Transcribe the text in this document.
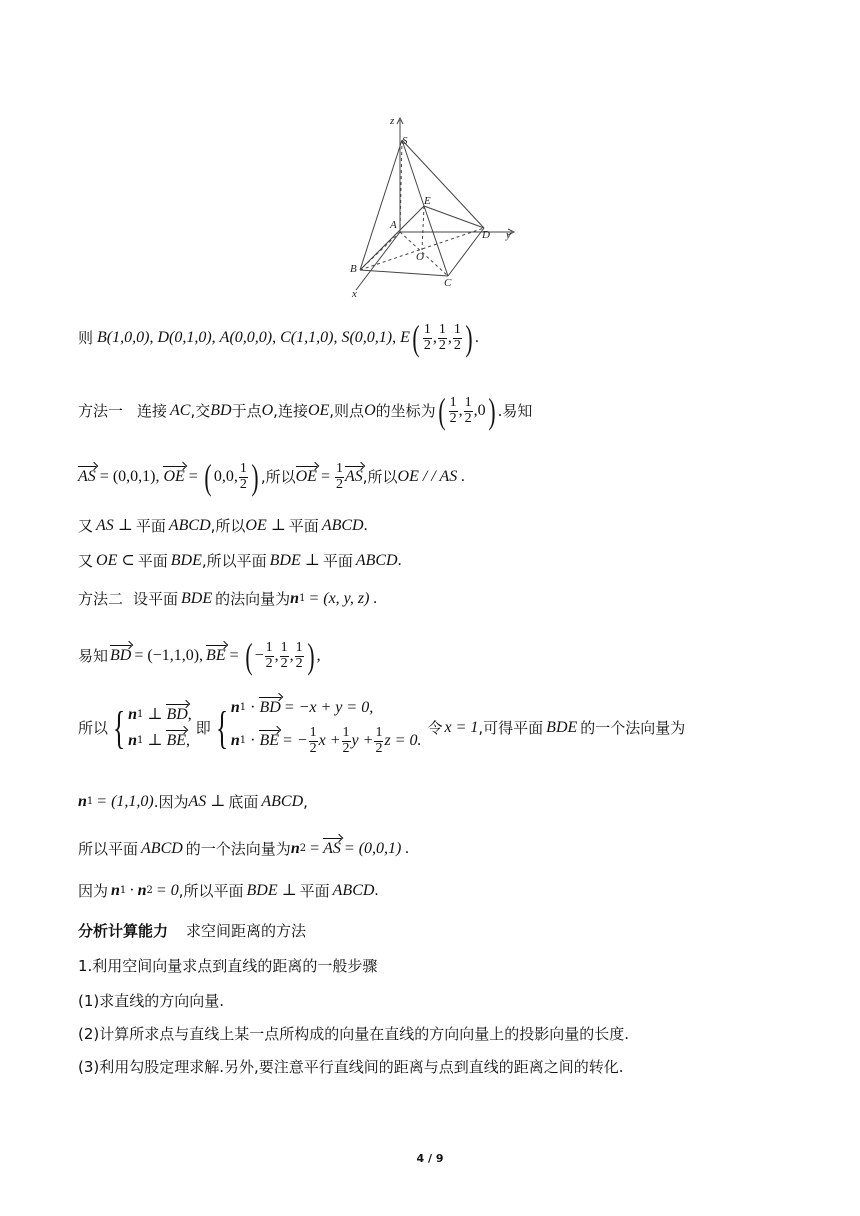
z
S
E
A
D y
O
B
C
x
则 B(1,0,0) , D(0,1,0) , A(0,0,0) , C(1,1,0) , S(0,0,1) , E ( $\frac{1}{2}$ , $\frac{1}{2}$ , $\frac{1}{2}$ ) .
方法一 连接 AC ,交 BD 于点 O ,连接 OE ,则点 O 的坐标为 ( $\frac{1}{2}$ , $\frac{1}{2} ,0$ ) .易知
AS = (0,0,1), OE = ( 0,0, $\frac{1}{2}$ ) ,所以 OE = $\frac{1}{2}$ AS ,所以 OE / / AS .
又 AS ⊥ 平面 ABCD ,所以 OE ⊥ 平面 ABCD .
又 OE ⊂ 平面 BDE ,所以平面 BDE ⊥ 平面 ABCD .
方法二 设平面 BDE 的法向量为 n 1 = (x, y, z) .
易知 BD = (−1,1,0), BE = ( − $\frac{1}{2}$ , $\frac{1}{2}$ , $\frac{1}{2}$ ) ,
所以 { n 1 ⊥ BD ,
n 1 ⊥ BE ,
即 { n 1 · BD = −x + y = 0,
n 1 · BE = − $\frac{1}{2}$ $x + \frac{1}{2}$ $y + \frac{1}{2}$ z = 0.
令 x = 1 ,可得平面 BDE 的一个法向量为
n 1 = (1,1,0) .因为 AS ⊥ 底面 ABCD ,
所以平面 ABCD 的一个法向量为 n 2 = AS = (0,0,1) .
因为 n 1 · n 2 = 0 ,所以平面 BDE ⊥ 平面 ABCD .
分析计算能力 求空间距离的方法
1.利用空间向量求点到直线的距离的一般步骤
(1)求直线的方向向量.
(2)计算所求点与直线上某一点所构成的向量在直线的方向向量上的投影向量的长度.
(3)利用勾股定理求解.另外,要注意平行直线间的距离与点到直线的距离之间的转化.
4 / 9
